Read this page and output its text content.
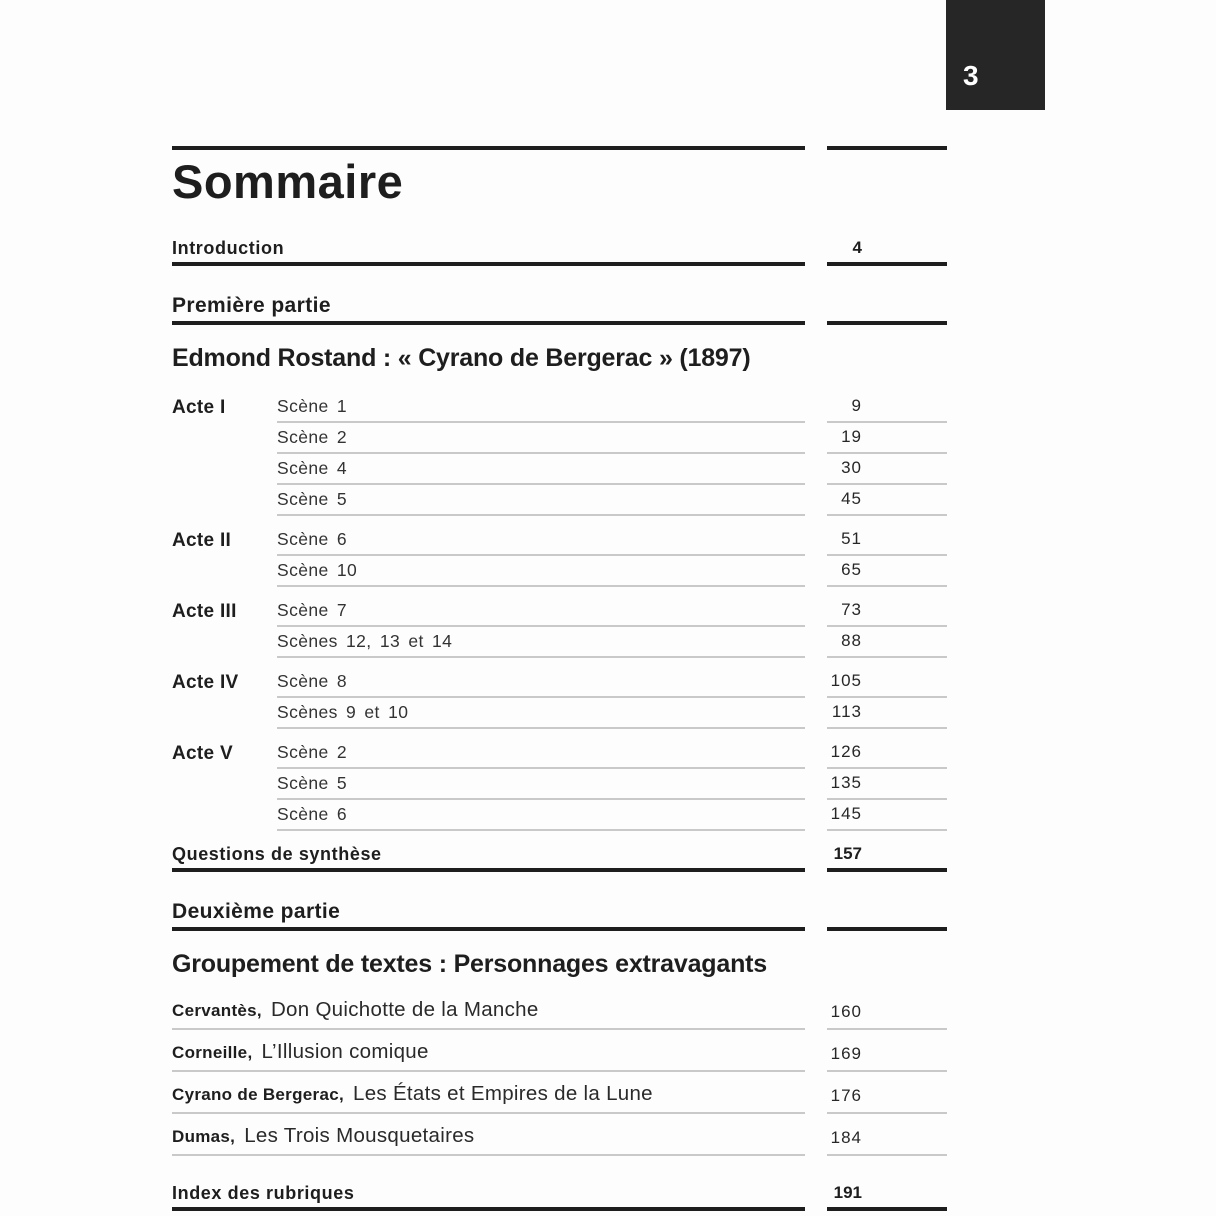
3
Sommaire
Introduction	4
Première partie
Edmond Rostand : « Cyrano de Bergerac » (1897)
Acte I	Scène 1	9
Scène 2	19
Scène 4	30
Scène 5	45
Acte II	Scène 6	51
Scène 10	65
Acte III	Scène 7	73
Scènes 12, 13 et 14	88
Acte IV	Scène 8	105
Scènes 9 et 10	113
Acte V	Scène 2	126
Scène 5	135
Scène 6	145
Questions de synthèse	157
Deuxième partie
Groupement de textes : Personnages extravagants
Cervantès, Don Quichotte de la Manche	160
Corneille, L’Illusion comique	169
Cyrano de Bergerac, Les États et Empires de la Lune	176
Dumas, Les Trois Mousquetaires	184
Index des rubriques	191
